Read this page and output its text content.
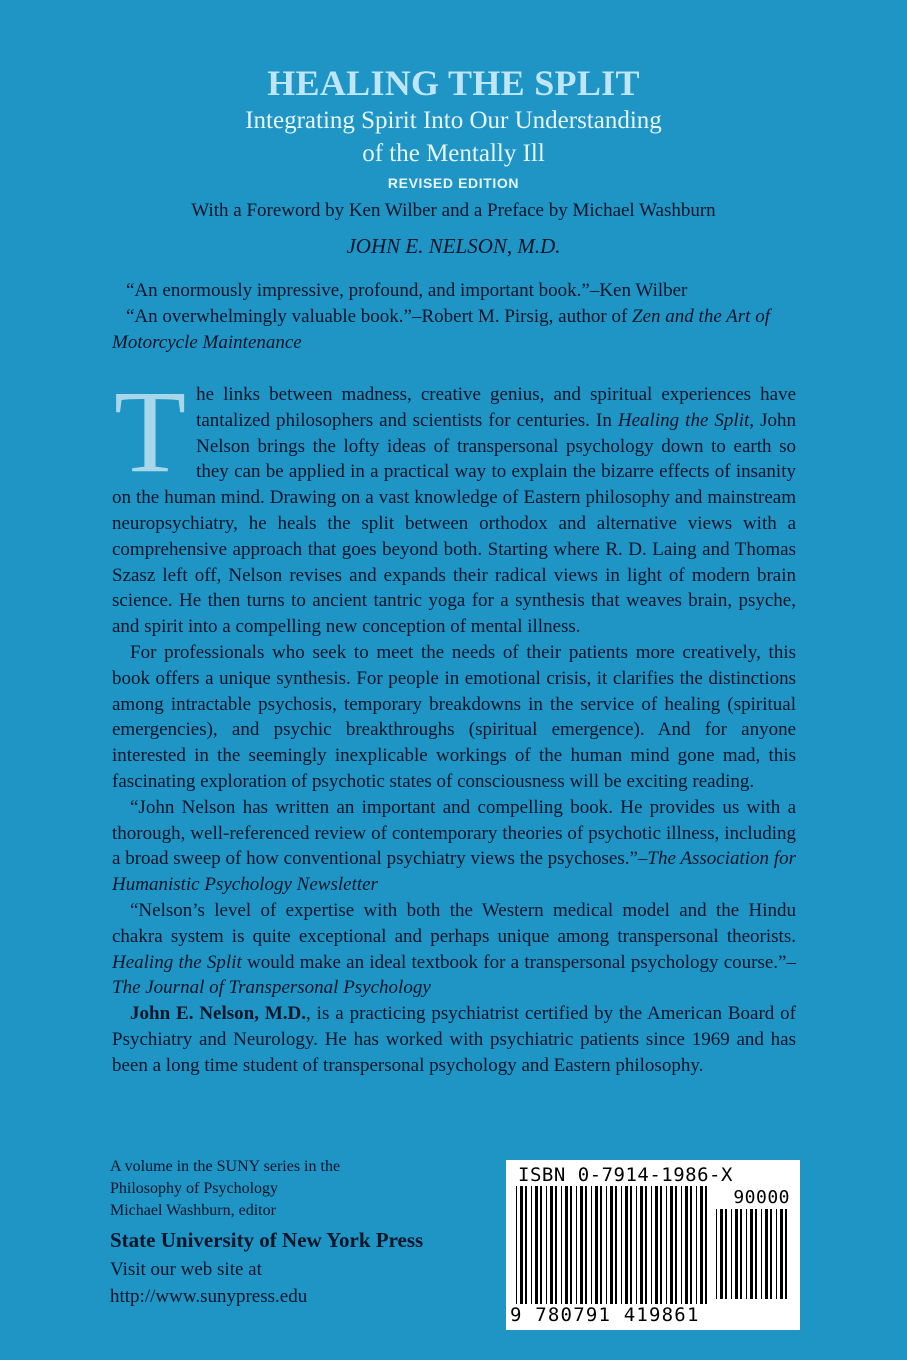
HEALING THE SPLIT
Integrating Spirit Into Our Understanding
of the Mentally Ill
REVISED EDITION
With a Foreword by Ken Wilber and a Preface by Michael Washburn
JOHN E. NELSON, M.D.

“An enormously impressive, profound, and important book.”–Ken Wilber

“An overwhelmingly valuable book.”–Robert M. Pirsig, author of Zen and the Art of Motorcycle Maintenance

The links between madness, creative genius, and spiritual experiences have tantalized philosophers and scientists for centuries. In Healing the Split, John Nelson brings the lofty ideas of transpersonal psychology down to earth so they can be applied in a practical way to explain the bizarre effects of insanity on the human mind. Drawing on a vast knowledge of Eastern philosophy and mainstream neuropsychiatry, he heals the split between orthodox and alternative views with a comprehensive approach that goes beyond both. Starting where R. D. Laing and Thomas Szasz left off, Nelson revises and expands their radical views in light of modern brain science. He then turns to ancient tantric yoga for a synthesis that weaves brain, psyche, and spirit into a compelling new conception of mental illness.

For professionals who seek to meet the needs of their patients more creatively, this book offers a unique synthesis. For people in emotional crisis, it clarifies the distinctions among intractable psychosis, temporary breakdowns in the service of healing (spiritual emergencies), and psychic breakthroughs (spiritual emergence). And for anyone interested in the seemingly inexplicable workings of the human mind gone mad, this fascinating exploration of psychotic states of consciousness will be exciting reading.

“John Nelson has written an important and compelling book. He provides us with a thorough, well-referenced review of contemporary theories of psychotic illness, including a broad sweep of how conventional psychiatry views the psychoses.”–The Association for Humanistic Psychology Newsletter

“Nelson’s level of expertise with both the Western medical model and the Hindu chakra system is quite exceptional and perhaps unique among transpersonal theorists. Healing the Split would make an ideal textbook for a transpersonal psychology course.”–The Journal of Transpersonal Psychology

John E. Nelson, M.D., is a practicing psychiatrist certified by the American Board of Psychiatry and Neurology. He has worked with psychiatric patients since 1969 and has been a long time student of transpersonal psychology and Eastern philosophy.

A volume in the SUNY series in the
Philosophy of Psychology
Michael Washburn, editor
State University of New York Press
Visit our web site at
http://www.sunypress.edu
ISBN 0-7914-1986-X
90000
9 780791 419861
